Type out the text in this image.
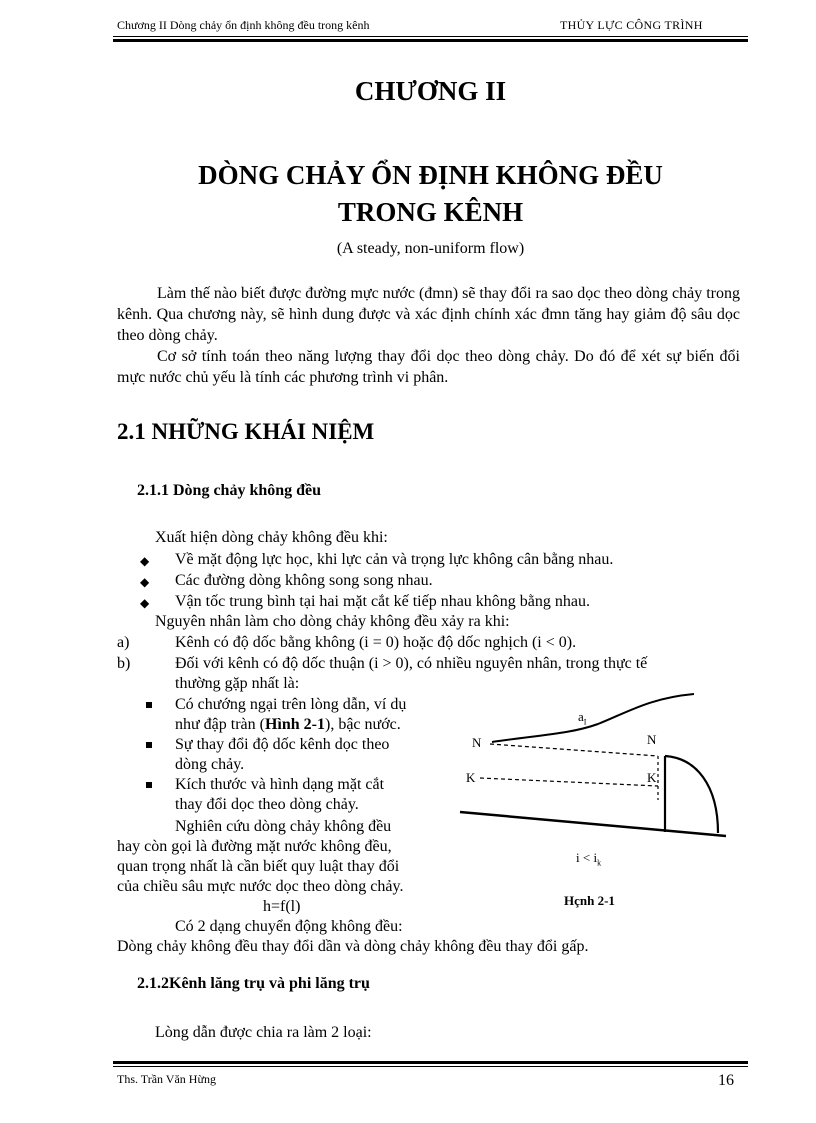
Chương II Dòng chảy ổn định không đều trong kênh	THỦY LỰC CÔNG TRÌNH
CHƯƠNG II
DÒNG CHẢY ỔN ĐỊNH KHÔNG ĐỀU
TRONG KÊNH
(A steady, non-uniform flow)
Làm thế nào biết được đường mực nước (đmn) sẽ thay đổi ra sao dọc theo dòng chảy trong kênh. Qua chương này, sẽ hình dung được và xác định chính xác đmn tăng hay giảm độ sâu dọc theo dòng chảy.
Cơ sở tính toán theo năng lượng thay đổi dọc theo dòng chảy. Do đó để xét sự biến đổi mực nước chủ yếu là tính các phương trình vi phân.
2.1 NHỮNG KHÁI NIỆM
2.1.1 Dòng chảy không đều
Xuất hiện dòng chảy không đều khi:
◆ Về mặt động lực học, khi lực cản và trọng lực không cân bằng nhau.
◆ Các đường dòng không song song nhau.
◆ Vận tốc trung bình tại hai mặt cắt kế tiếp nhau không bằng nhau.
Nguyên nhân làm cho dòng chảy không đều xảy ra khi:
a)	Kênh có độ dốc bằng không (i = 0) hoặc độ dốc nghịch (i < 0).
b)	Đối với kênh có độ dốc thuận (i > 0), có nhiều nguyên nhân, trong thực tế
thường gặp nhất là:
Có chướng ngại trên lòng dẫn, ví dụ
như đập tràn (Hình 2-1), bậc nước.
Sự thay đổi độ dốc kênh dọc theo
dòng chảy.
Kích thước và hình dạng mặt cắt
thay đổi dọc theo dòng chảy.
Nghiên cứu dòng chảy không đều
hay còn gọi là đường mặt nước không đều,
quan trọng nhất là cần biết quy luật thay đổi
của chiều sâu mực nước dọc theo dòng chảy.
h=f(l)
Có 2 dạng chuyển động không đều:
Dòng chảy không đều thay đổi dần và dòng chảy không đều thay đổi gấp.
$a_I$
N	N
K	K
$i < i_k$
Hçnh 2-1
2.1.2Kênh lăng trụ và phi lăng trụ
Lòng dẫn được chia ra làm 2 loại:
Ths. Trần Văn Hừng	16
